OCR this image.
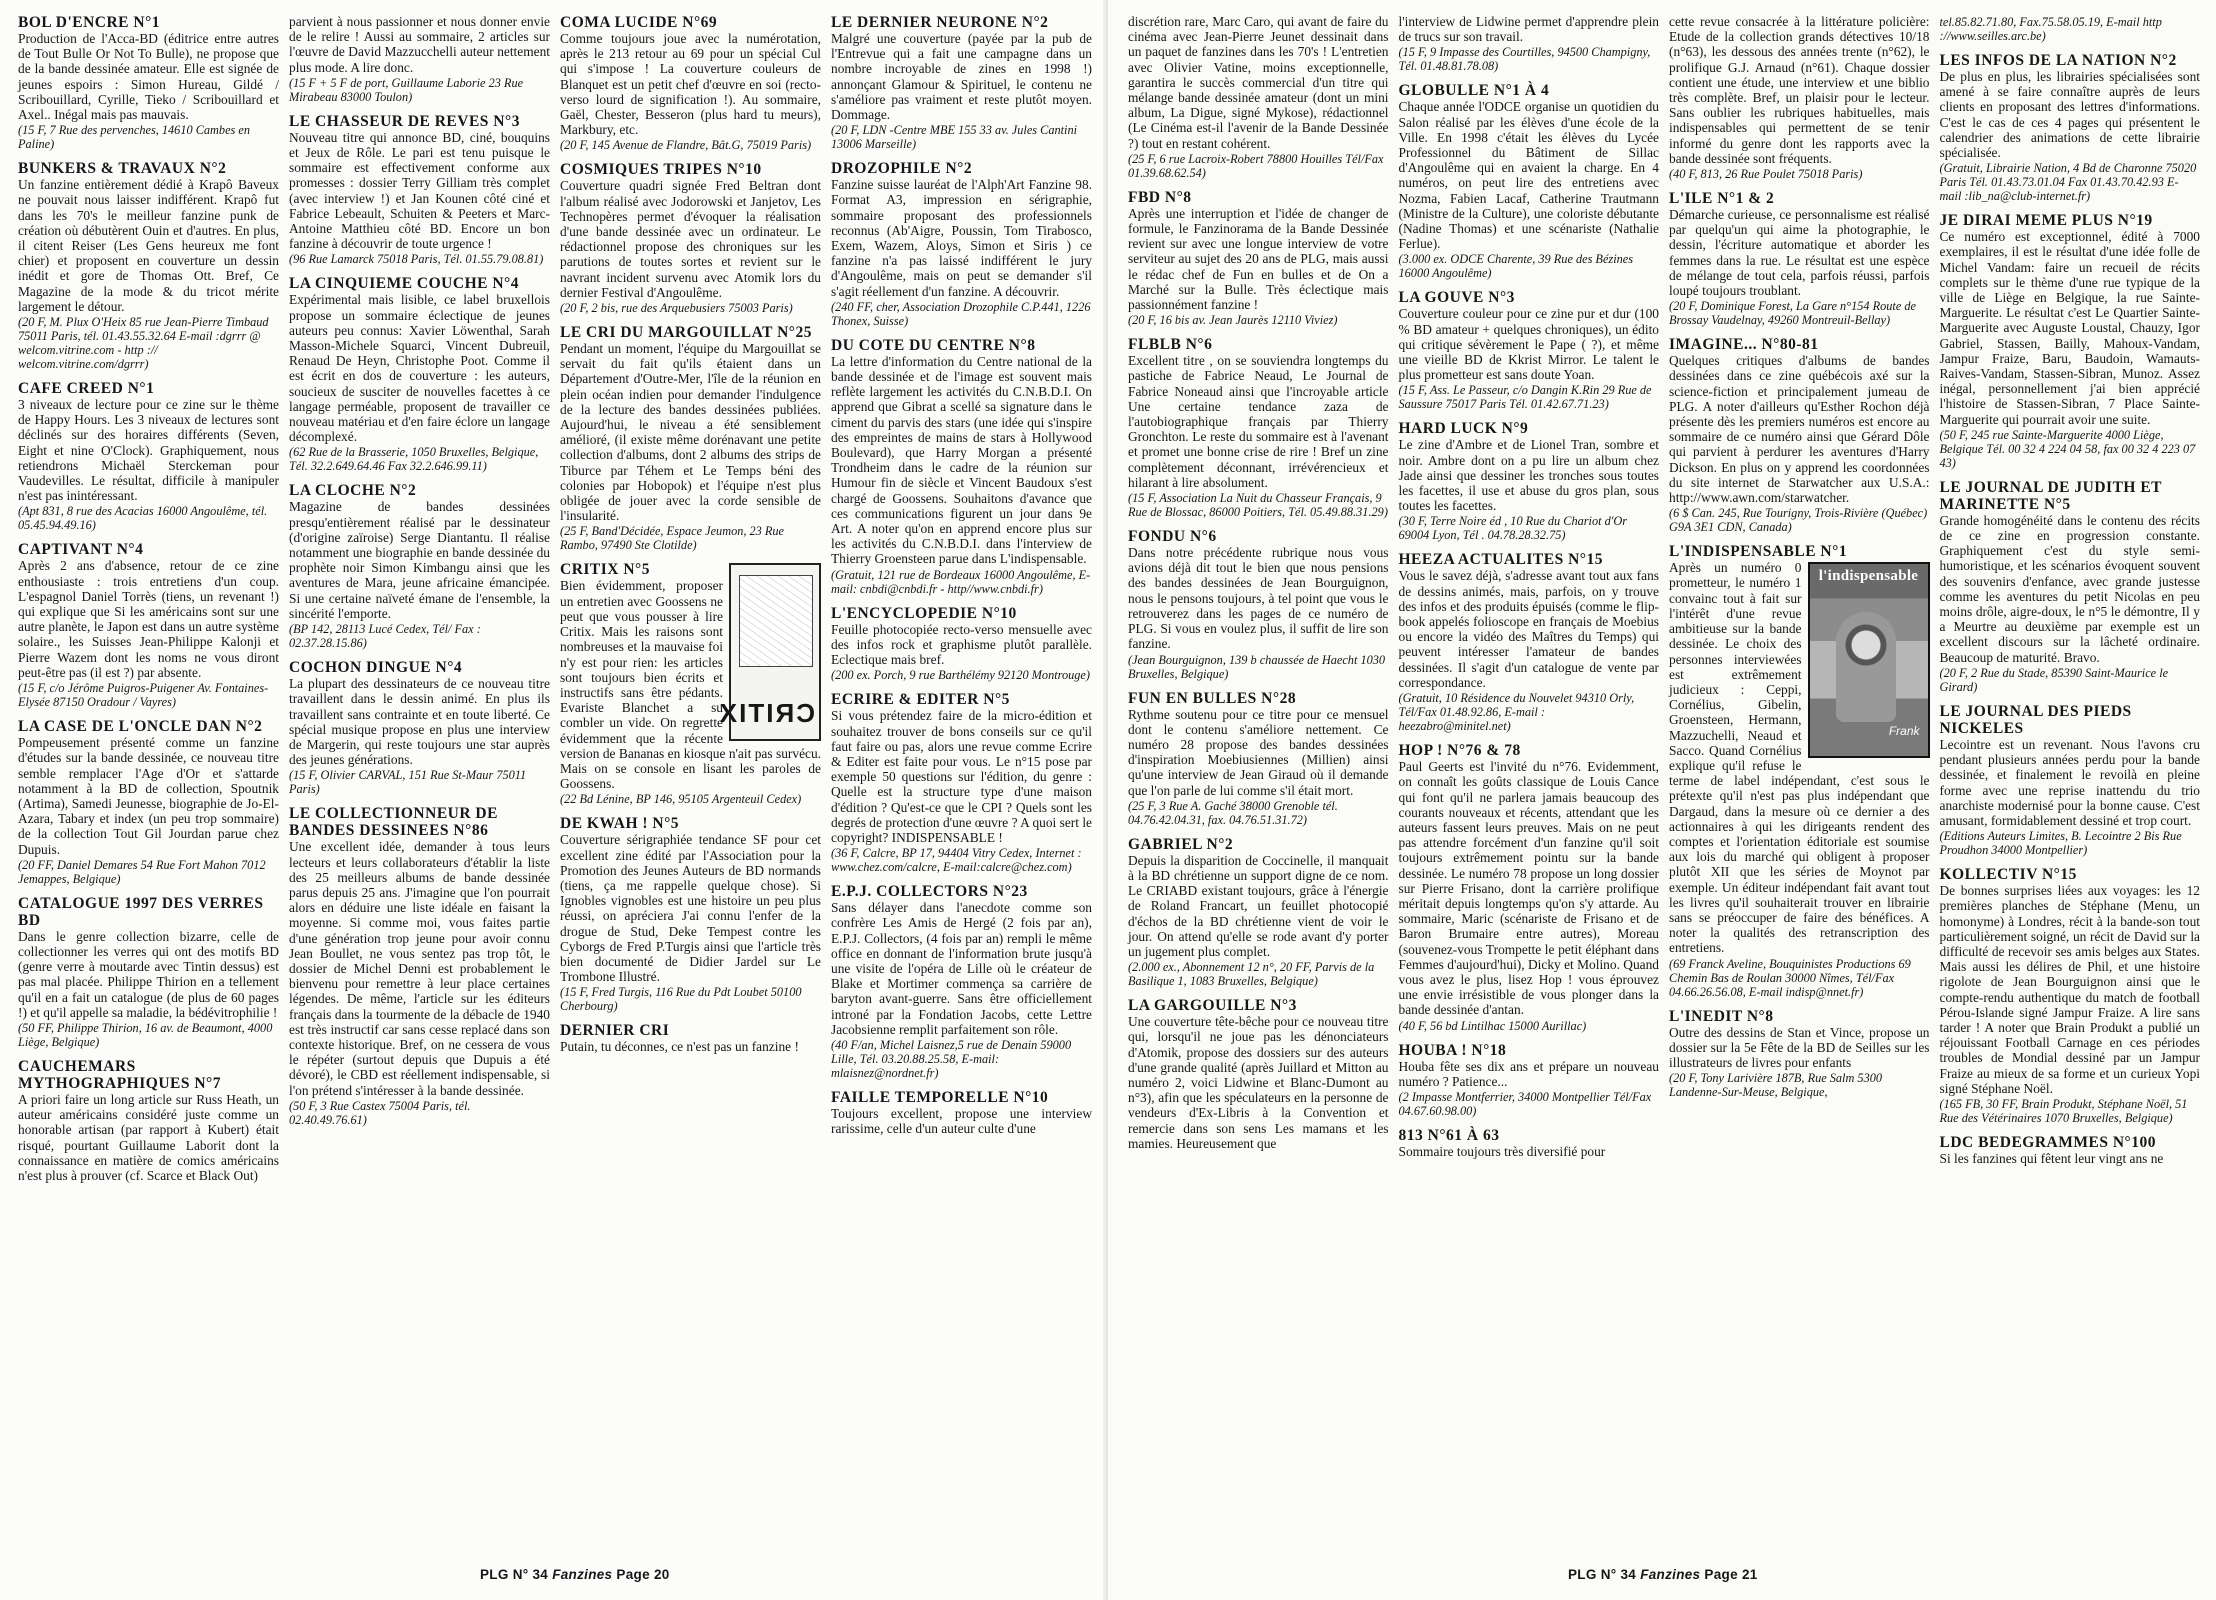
BOL D'ENCRE N°1

Production de l'Acca-BD (éditrice entre autres de Tout Bulle Or Not To Bulle), ne propose que de la bande dessinée amateur. Elle est signée de jeunes espoirs : Simon Hureau, Gildé / Scribouillard, Cyrille, Tieko / Scribouillard et Axel.. Inégal mais pas mauvais.

(15 F, 7 Rue des pervenches, 14610 Cambes en Paline)

BUNKERS & TRAVAUX N°2

Un fanzine entièrement dédié à Krapô Baveux ne pouvait nous laisser indifférent. Krapô fut dans les 70's le meilleur fanzine punk de création où débutèrent Ouin et d'autres. En plus, il citent Reiser (Les Gens heureux me font chier) et proposent en couverture un dessin inédit et gore de Thomas Ott. Bref, Ce Magazine de la mode & du tricot mérite largement le détour.

(20 F, M. Plux O'Heix 85 rue Jean-Pierre Timbaud 75011 Paris, tél. 01.43.55.32.64 E-mail :dgrrr @ welcom.vitrine.com - http :// welcom.vitrine.com/dgrrr)

CAFE CREED N°1

3 niveaux de lecture pour ce zine sur le thème de Happy Hours. Les 3 niveaux de lectures sont déclinés sur des horaires différents (Seven, Eight et nine O'Clock). Graphiquement, nous retiendrons Michaël Sterckeman pour Vaudevilles. Le résultat, difficile à manipuler n'est pas inintéressant.

(Apt 831, 8 rue des Acacias 16000 Angoulême, tél. 05.45.94.49.16)

CAPTIVANT N°4

Après 2 ans d'absence, retour de ce zine enthousiaste : trois entretiens d'un coup. L'espagnol Daniel Torrès (tiens, un revenant !) qui explique que Si les américains sont sur une autre planète, le Japon est dans un autre système solaire., les Suisses Jean-Philippe Kalonji et Pierre Wazem dont les noms ne vous diront peut-être pas (il est ?) par absente.

(15 F, c/o Jérôme Puigros-Puigener Av. Fontaines-Elysée 87150 Oradour / Vayres)

LA CASE DE L'ONCLE DAN N°2

Pompeusement présenté comme un fanzine d'études sur la bande dessinée, ce nouveau titre semble remplacer l'Age d'Or et s'attarde notamment à la BD de collection, Spoutnik (Artima), Samedi Jeunesse, biographie de Jo-El-Azara, Tabary et index (un peu trop sommaire) de la collection Tout Gil Jourdan parue chez Dupuis.

(20 FF, Daniel Demares 54 Rue Fort Mahon 7012 Jemappes, Belgique)

CATALOGUE 1997 DES VERRES BD

Dans le genre collection bizarre, celle de collectionner les verres qui ont des motifs BD (genre verre à moutarde avec Tintin dessus) est pas mal placée. Philippe Thirion en a tellement qu'il en a fait un catalogue (de plus de 60 pages !) et qu'il appelle sa maladie, la bédévitrophilie !

(50 FF, Philippe Thirion, 16 av. de Beaumont, 4000 Liège, Belgique)

CAUCHEMARS MYTHOGRAPHIQUES N°7

A priori faire un long article sur Russ Heath, un auteur américains considéré juste comme un honorable artisan (par rapport à Kubert) était risqué, pourtant Guillaume Laborit dont la connaissance en matière de comics américains n'est plus à prouver (cf. Scarce et Black Out)

parvient à nous passionner et nous donner envie de le relire ! Aussi au sommaire, 2 articles sur l'œuvre de David Mazzucchelli auteur nettement plus mode. A lire donc.

(15 F + 5 F de port, Guillaume Laborie 23 Rue Mirabeau 83000 Toulon)

LE CHASSEUR DE REVES N°3

Nouveau titre qui annonce BD, ciné, bouquins et Jeux de Rôle. Le pari est tenu puisque le sommaire est effectivement conforme aux promesses : dossier Terry Gilliam très complet (avec interview !) et Jan Kounen côté ciné et Fabrice Lebeault, Schuiten & Peeters et Marc-Antoine Matthieu côté BD. Encore un bon fanzine à découvrir de toute urgence !

(96 Rue Lamarck 75018 Paris, Tél. 01.55.79.08.81)

LA CINQUIEME COUCHE N°4

Expérimental mais lisible, ce label bruxellois propose un sommaire éclectique de jeunes auteurs peu connus: Xavier Löwenthal, Sarah Masson-Michele Squarci, Vincent Dubreuil, Renaud De Heyn, Christophe Poot. Comme il est écrit en dos de couverture : les auteurs, soucieux de susciter de nouvelles facettes à ce langage perméable, proposent de travailler ce nouveau matériau et d'en faire éclore un langage décomplexé.

(62 Rue de la Brasserie, 1050 Bruxelles, Belgique, Tél. 32.2.649.64.46 Fax 32.2.646.99.11)

LA CLOCHE N°2

Magazine de bandes dessinées presqu'entièrement réalisé par le dessinateur (d'origine zaïroise) Serge Diantantu. Il réalise notamment une biographie en bande dessinée du prophète noir Simon Kimbangu ainsi que les aventures de Mara, jeune africaine émancipée. Si une certaine naïveté émane de l'ensemble, la sincérité l'emporte.

(BP 142, 28113 Lucé Cedex, Tél/ Fax : 02.37.28.15.86)

COCHON DINGUE N°4

La plupart des dessinateurs de ce nouveau titre travaillent dans le dessin animé. En plus ils travaillent sans contrainte et en toute liberté. Ce spécial musique propose en plus une interview de Margerin, qui reste toujours une star auprès des jeunes générations.

(15 F, Olivier CARVAL, 151 Rue St-Maur 75011 Paris)

LE COLLECTIONNEUR DE BANDES DESSINEES N°86

Une excellent idée, demander à tous leurs lecteurs et leurs collaborateurs d'établir la liste des 25 meilleurs albums de bande dessinée parus depuis 25 ans. J'imagine que l'on pourrait alors en déduire une liste idéale en faisant la moyenne. Si comme moi, vous faites partie d'une génération trop jeune pour avoir connu Jean Boullet, ne vous sentez pas trop tôt, le dossier de Michel Denni est probablement le bienvenu pour remettre à leur place certaines légendes. De même, l'article sur les éditeurs français dans la tourmente de la débacle de 1940 est très instructif car sans cesse replacé dans son contexte historique. Bref, on ne cessera de vous le répéter (surtout depuis que Dupuis a été dévoré), le CBD est réellement indispensable, si l'on prétend s'intéresser à la bande dessinée.

(50 F, 3 Rue Castex 75004 Paris, tél. 02.40.49.76.61)

COMA LUCIDE N°69

Comme toujours joue avec la numérotation, après le 213 retour au 69 pour un spécial Cul qui s'impose ! La couverture couleurs de Blanquet est un petit chef d'œuvre en soi (recto-verso lourd de signification !). Au sommaire, Gaël, Chester, Besseron (plus hard tu meurs), Markbury, etc.

(20 F, 145 Avenue de Flandre, Bât.G, 75019 Paris)

COSMIQUES TRIPES N°10

Couverture quadri signée Fred Beltran dont l'album réalisé avec Jodorowski et Janjetov, Les Technopères permet d'évoquer la réalisation d'une bande dessinée avec un ordinateur. Le rédactionnel propose des chroniques sur les parutions de toutes sortes et revient sur le navrant incident survenu avec Atomik lors du dernier Festival d'Angoulême.

(20 F, 2 bis, rue des Arquebusiers 75003 Paris)

LE CRI DU MARGOUILLAT N°25

Pendant un moment, l'équipe du Margouillat se servait du fait qu'ils étaient dans un Département d'Outre-Mer, l'île de la réunion en plein océan indien pour demander l'indulgence de la lecture des bandes dessinées publiées. Aujourd'hui, le niveau a été sensiblement amélioré, (il existe même dorénavant une petite collection d'albums, dont 2 albums des strips de Tiburce par Téhem et Le Temps béni des colonies par Hobopok) et l'équipe n'est plus obligée de jouer avec la corde sensible de l'insularité.

(25 F, Band'Décidée, Espace Jeumon, 23 Rue Rambo, 97490 Ste Clotilde)

CRITIX
CRITIX N°5

Bien évidemment, proposer un entretien avec Goossens ne peut que vous pousser à lire Critix. Mais les raisons sont nombreuses et la mauvaise foi n'y est pour rien: les articles sont toujours bien écrits et instructifs sans être pédants. Evariste Blanchet a su combler un vide. On regrette évidemment que la récente version de Bananas en kiosque n'ait pas survécu. Mais on se console en lisant les paroles de Goossens.

(22 Bd Lénine, BP 146, 95105 Argenteuil Cedex)

DE KWAH ! N°5

Couverture sérigraphiée tendance SF pour cet excellent zine édité par l'Association pour la Promotion des Jeunes Auteurs de BD normands (tiens, ça me rappelle quelque chose). Si Ignobles vignobles est une histoire un peu plus réussi, on apréciera J'ai connu l'enfer de la drogue de Stud, Deke Tempest contre les Cyborgs de Fred P.Turgis ainsi que l'article très bien documenté de Didier Jardel sur Le Trombone Illustré.

(15 F, Fred Turgis, 116 Rue du Pdt Loubet 50100 Cherbourg)

DERNIER CRI

Putain, tu déconnes, ce n'est pas un fanzine !

LE DERNIER NEURONE N°2

Malgré une couverture (payée par la pub de l'Entrevue qui a fait une campagne dans un nombre incroyable de zines en 1998 !) annonçant Glamour & Spirituel, le contenu ne s'améliore pas vraiment et reste plutôt moyen. Dommage.

(20 F, LDN -Centre MBE 155 33 av. Jules Cantini 13006 Marseille)

DROZOPHILE N°2

Fanzine suisse lauréat de l'Alph'Art Fanzine 98. Format A3, impression en sérigraphie, sommaire proposant des professionnels reconnus (Ab'Aigre, Poussin, Tom Tirabosco, Exem, Wazem, Aloys, Simon et Siris ) ce fanzine n'a pas laissé indifférent le jury d'Angoulême, mais on peut se demander s'il s'agit réellement d'un fanzine. A découvrir.

(240 FF, cher, Association Drozophile C.P.441, 1226 Thonex, Suisse)

DU COTE DU CENTRE N°8

La lettre d'information du Centre national de la bande dessinée et de l'image est souvent mais reflète largement les activités du C.N.B.D.I. On apprend que Gibrat a scellé sa signature dans le ciment du parvis des stars (une idée qui s'inspire des empreintes de mains de stars à Hollywood Boulevard), que Harry Morgan a présenté Trondheim dans le cadre de la réunion sur Humour fin de siècle et Vincent Baudoux s'est chargé de Goossens. Souhaitons d'avance que ces communications figurent un jour dans 9e Art. A noter qu'on en apprend encore plus sur les activités du C.N.B.D.I. dans l'interview de Thierry Groensteen parue dans L'indispensable.

(Gratuit, 121 rue de Bordeaux 16000 Angoulême, E-mail: cnbdi@cnbdi.fr - http//www.cnbdi.fr)

L'ENCYCLOPEDIE N°10

Feuille photocopiée recto-verso mensuelle avec des infos rock et graphisme plutôt parallèle. Eclectique mais bref.

(200 ex. Porch, 9 rue Barthélémy 92120 Montrouge)

ECRIRE & EDITER N°5

Si vous prétendez faire de la micro-édition et souhaitez trouver de bons conseils sur ce qu'il faut faire ou pas, alors une revue comme Ecrire & Editer est faite pour vous. Le n°15 pose par exemple 50 questions sur l'édition, du genre : Quelle est la structure type d'une maison d'édition ? Qu'est-ce que le CPI ? Quels sont les degrés de protection d'une œuvre ? A quoi sert le copyright? INDISPENSABLE !

(36 F, Calcre, BP 17, 94404 Vitry Cedex, Internet : www.chez.com/calcre, E-mail:calcre@chez.com)

E.P.J. COLLECTORS N°23

Sans délayer dans l'anecdote comme son confrère Les Amis de Hergé (2 fois par an), E.P.J. Collectors, (4 fois par an) rempli le même office en donnant de l'information brute jusqu'à une visite de l'opéra de Lille où le créateur de Blake et Mortimer commença sa carrière de baryton avant-guerre. Sans être officiellement introné par la Fondation Jacobs, cette Lettre Jacobsienne remplit parfaitement son rôle.

(40 F/an, Michel Laisnez,5 rue de Denain 59000 Lille, Tél. 03.20.88.25.58, E-mail: mlaisnez@nordnet.fr)

FAILLE TEMPORELLE N°10

Toujours excellent, propose une interview rarissime, celle d'un auteur culte d'une

PLG N° 34 Fanzines Page 20

discrétion rare, Marc Caro, qui avant de faire du cinéma avec Jean-Pierre Jeunet dessinait dans un paquet de fanzines dans les 70's ! L'entretien avec Olivier Vatine, moins exceptionnelle, garantira le succès commercial d'un titre qui mélange bande dessinée amateur (dont un mini album, La Digue, signé Mykose), rédactionnel (Le Cinéma est-il l'avenir de la Bande Dessinée ?) tout en restant cohérent.

(25 F, 6 rue Lacroix-Robert 78800 Houilles Tél/Fax 01.39.68.62.54)

FBD N°8

Après une interruption et l'idée de changer de formule, le Fanzinorama de la Bande Dessinée revient sur avec une longue interview de votre serviteur au sujet des 20 ans de PLG, mais aussi le rédac chef de Fun en bulles et de On a Marché sur la Bulle. Très éclectique mais passionnément fanzine !

(20 F, 16 bis av. Jean Jaurès 12110 Viviez)

FLBLB N°6

Excellent titre , on se souviendra longtemps du pastiche de Fabrice Neaud, Le Journal de Fabrice Noneaud ainsi que l'incroyable article Une certaine tendance zaza de l'autobiographique français par Thierry Gronchton. Le reste du sommaire est à l'avenant et promet une bonne crise de rire ! Bref un zine complètement déconnant, irrévérencieux et hilarant à lire absolument.

(15 F, Association La Nuit du Chasseur Français, 9 Rue de Blossac, 86000 Poitiers, Tél. 05.49.88.31.29)

FONDU N°6

Dans notre précédente rubrique nous vous avions déjà dit tout le bien que nous pensions des bandes dessinées de Jean Bourguignon, nous le pensons toujours, à tel point que vous le retrouverez dans les pages de ce numéro de PLG. Si vous en voulez plus, il suffit de lire son fanzine.

(Jean Bourguignon, 139 b chaussée de Haecht 1030 Bruxelles, Belgique)

FUN EN BULLES N°28

Rythme soutenu pour ce titre pour ce mensuel dont le contenu s'améliore nettement. Ce numéro 28 propose des bandes dessinées d'inspiration Moebiusiennes (Millien) ainsi qu'une interview de Jean Giraud où il demande que l'on parle de lui comme s'il était mort.

(25 F, 3 Rue A. Gaché 38000 Grenoble tél. 04.76.42.04.31, fax. 04.76.51.31.72)

GABRIEL N°2

Depuis la disparition de Coccinelle, il manquait à la BD chrétienne un support digne de ce nom. Le CRIABD existant toujours, grâce à l'énergie de Roland Francart, un feuillet photocopié d'échos de la BD chrétienne vient de voir le jour. On attend qu'elle se rode avant d'y porter un jugement plus complet.

(2.000 ex., Abonnement 12 n°, 20 FF, Parvis de la Basilique 1, 1083 Bruxelles, Belgique)

LA GARGOUILLE N°3

Une couverture tête-bêche pour ce nouveau titre qui, lorsqu'il ne joue pas les dénonciateurs d'Atomik, propose des dossiers sur des auteurs d'une grande qualité (après Juillard et Mitton au numéro 2, voici Lidwine et Blanc-Dumont au n°3), afin que les spéculateurs en la personne de vendeurs d'Ex-Libris à la Convention et remercie dans son sens Les mamans et les mamies. Heureusement que

l'interview de Lidwine permet d'apprendre plein de trucs sur son travail.

(15 F, 9 Impasse des Courtilles, 94500 Champigny, Tél. 01.48.81.78.08)

GLOBULLE N°1 À 4

Chaque année l'ODCE organise un quotidien du Salon réalisé par les élèves d'une école de la Ville. En 1998 c'était les élèves du Lycée Professionnel du Bâtiment de Sillac d'Angoulême qui en avaient la charge. En 4 numéros, on peut lire des entretiens avec Nozma, Fabien Lacaf, Catherine Trautmann (Ministre de la Culture), une coloriste débutante (Nadine Thomas) et une scénariste (Nathalie Ferlue).

(3.000 ex. ODCE Charente, 39 Rue des Bézines 16000 Angoulême)

LA GOUVE N°3

Couverture couleur pour ce zine pur et dur (100 % BD amateur + quelques chroniques), un édito qui critique sévèrement le Pape ( ?), et même une vieille BD de Kkrist Mirror. Le talent le plus prometteur est sans doute Yoan.

(15 F, Ass. Le Passeur, c/o Dangin K.Rin 29 Rue de Saussure 75017 Paris Tél. 01.42.67.71.23)

HARD LUCK N°9

Le zine d'Ambre et de Lionel Tran, sombre et noir. Ambre dont on a pu lire un album chez Jade ainsi que dessiner les tronches sous toutes les facettes, il use et abuse du gros plan, sous toutes les facettes.

(30 F, Terre Noire éd , 10 Rue du Chariot d'Or 69004 Lyon, Tél . 04.78.28.32.75)

HEEZA ACTUALITES N°15

Vous le savez déjà, s'adresse avant tout aux fans de dessins animés, mais, parfois, on y trouve des infos et des produits épuisés (comme le flip-book appelés folioscope en français de Moebius ou encore la vidéo des Maîtres du Temps) qui peuvent intéresser l'amateur de bandes dessinées. Il s'agit d'un catalogue de vente par correspondance.

(Gratuit, 10 Résidence du Nouvelet 94310 Orly, Tél/Fax 01.48.92.86, E-mail : heezabro@minitel.net)

HOP ! N°76 & 78

Paul Geerts est l'invité du n°76. Evidemment, on connaît les goûts classique de Louis Cance qui font qu'il ne parlera jamais beaucoup des courants nouveaux et récents, attendant que les auteurs fassent leurs preuves. Mais on ne peut pas attendre forcément d'un fanzine qu'il soit toujours extrêmement pointu sur la bande dessinée. Le numéro 78 propose un long dossier sur Pierre Frisano, dont la carrière prolifique méritait depuis longtemps qu'on s'y attarde. Au sommaire, Maric (scénariste de Frisano et de Baron Brumaire entre autres), Moreau (souvenez-vous Trompette le petit éléphant dans Femmes d'aujourd'hui), Dicky et Molino. Quand vous avez le plus, lisez Hop ! vous éprouvez une envie irrésistible de vous plonger dans la bande dessinée d'antan.

(40 F, 56 bd Lintilhac 15000 Aurillac)

HOUBA ! N°18

Houba fête ses dix ans et prépare un nouveau numéro ? Patience...

(2 Impasse Montferrier, 34000 Montpellier Tél/Fax 04.67.60.98.00)

813 N°61 À 63

Sommaire toujours très diversifié pour

cette revue consacrée à la littérature policière: Etude de la collection grands détectives 10/18 (n°63), les dessous des années trente (n°62), le prolifique G.J. Arnaud (n°61). Chaque dossier contient une étude, une interview et une biblio très complète. Bref, un plaisir pour le lecteur. Sans oublier les rubriques habituelles, mais indispensables qui permettent de se tenir informé du genre dont les rapports avec la bande dessinée sont fréquents.

(40 F, 813, 26 Rue Poulet 75018 Paris)

L'ILE N°1 & 2

Démarche curieuse, ce personnalisme est réalisé par quelqu'un qui aime la photographie, le dessin, l'écriture automatique et aborder les femmes dans la rue. Le résultat est une espèce de mélange de tout cela, parfois réussi, parfois loupé toujours troublant.

(20 F, Dominique Forest, La Gare n°154 Route de Brossay Vaudelnay, 49260 Montreuil-Bellay)

IMAGINE... N°80-81

Quelques critiques d'albums de bandes dessinées dans ce zine québécois axé sur la science-fiction et principalement jumeau de PLG. A noter d'ailleurs qu'Esther Rochon déjà présente dès les premiers numéros est encore au sommaire de ce numéro ainsi que Gérard Dôle qui parvient à perdurer les aventures d'Harry Dickson. En plus on y apprend les coordonnées du site internet de Starwatcher aux U.S.A.: http://www.awn.com/starwatcher.

(6 $ Can. 245, Rue Tourigny, Trois-Rivière (Québec) G9A 3E1 CDN, Canada)

L'INDISPENSABLE N°1
l'indispensable
Frank

Après un numéro 0 prometteur, le numéro 1 convainc tout à fait sur l'intérêt d'une revue ambitieuse sur la bande dessinée. Le choix des personnes interviewées est extrêmement judicieux : Ceppi, Cornélius, Gibelin, Groensteen, Hermann, Mazzuchelli, Neaud et Sacco. Quand Cornélius explique qu'il refuse le terme de label indépendant, c'est sous le prétexte qu'il n'est pas plus indépendant que Dargaud, dans la mesure où ce dernier a des actionnaires à qui les dirigeants rendent des comptes et l'orientation éditoriale est soumise aux lois du marché qui obligent à proposer plutôt XII que les séries de Moynot par exemple. Un éditeur indépendant fait avant tout les livres qu'il souhaiterait trouver en librairie sans se préoccuper de faire des bénéfices. A noter la qualités des retranscription des entretiens.

(69 Franck Aveline, Bouquinistes Productions 69 Chemin Bas de Roulan 30000 Nîmes, Tél/Fax 04.66.26.56.08, E-mail indisp@nnet.fr)

L'INEDIT N°8

Outre des dessins de Stan et Vince, propose un dossier sur la 5e Fête de la BD de Seilles sur les illustrateurs de livres pour enfants

(20 F, Tony Larivière 187B, Rue Salm 5300 Landenne-Sur-Meuse, Belgique,

tel.85.82.71.80, Fax.75.58.05.19, E-mail http ://www.seilles.arc.be)

LES INFOS DE LA NATION N°2

De plus en plus, les librairies spécialisées sont amené à se faire connaître auprès de leurs clients en proposant des lettres d'informations. C'est le cas de ces 4 pages qui présentent le calendrier des animations de cette librairie spécialisée.

(Gratuit, Librairie Nation, 4 Bd de Charonne 75020 Paris Tél. 01.43.73.01.04 Fax 01.43.70.42.93 E-mail :lib_na@club-internet.fr)

JE DIRAI MEME PLUS N°19

Ce numéro est exceptionnel, édité à 7000 exemplaires, il est le résultat d'une idée folle de Michel Vandam: faire un recueil de récits complets sur le thème d'une rue typique de la ville de Liège en Belgique, la rue Sainte-Marguerite. Le résultat c'est Le Quartier Sainte-Marguerite avec Auguste Loustal, Chauzy, Igor Gabriel, Stassen, Bailly, Mahoux-Vandam, Jampur Fraize, Baru, Baudoin, Wamauts-Raives-Vandam, Stassen-Sibran, Munoz. Assez inégal, personnellement j'ai bien apprécié l'histoire de Stassen-Sibran, 7 Place Sainte-Marguerite qui pourrait avoir une suite.

(50 F, 245 rue Sainte-Marguerite 4000 Liège, Belgique Tél. 00 32 4 224 04 58, fax 00 32 4 223 07 43)

LE JOURNAL DE JUDITH ET MARINETTE N°5

Grande homogénéité dans le contenu des récits de ce zine en progression constante. Graphiquement c'est du style semi-humoristique, et les scénarios évoquent souvent des souvenirs d'enfance, avec grande justesse comme les aventures du petit Nicolas en peu moins drôle, aigre-doux, le n°5 le démontre, Il y a Meurtre au deuxième par exemple est un excellent discours sur la lâcheté ordinaire. Beaucoup de maturité. Bravo.

(20 F, 2 Rue du Stade, 85390 Saint-Maurice le Girard)

LE JOURNAL DES PIEDS NICKELES

Lecointre est un revenant. Nous l'avons cru pendant plusieurs années perdu pour la bande dessinée, et finalement le revoilà en pleine forme avec une reprise inattendu du trio anarchiste modernisé pour la bonne cause. C'est amusant, formidablement dessiné et trop court.

(Editions Auteurs Limites, B. Lecointre 2 Bis Rue Proudhon 34000 Montpellier)

KOLLECTIV N°15

De bonnes surprises liées aux voyages: les 12 premières planches de Stéphane (Menu, un homonyme) à Londres, récit à la bande-son tout particulièrement soigné, un récit de David sur la difficulté de recevoir ses amis belges aux States. Mais aussi les délires de Phil, et une histoire rigolote de Jean Bourguignon ainsi que le compte-rendu authentique du match de football Pérou-Islande signé Jampur Fraize. A lire sans tarder ! A noter que Brain Produkt a publié un réjouissant Football Carnage en ces périodes troubles de Mondial dessiné par un Jampur Fraize au mieux de sa forme et un curieux Yopi signé Stéphane Noël.

(165 FB, 30 FF, Brain Produkt, Stéphane Noël, 51 Rue des Vétérinaires 1070 Bruxelles, Belgique)

LDC BEDEGRAMMES N°100

Si les fanzines qui fêtent leur vingt ans ne

PLG N° 34 Fanzines Page 21
